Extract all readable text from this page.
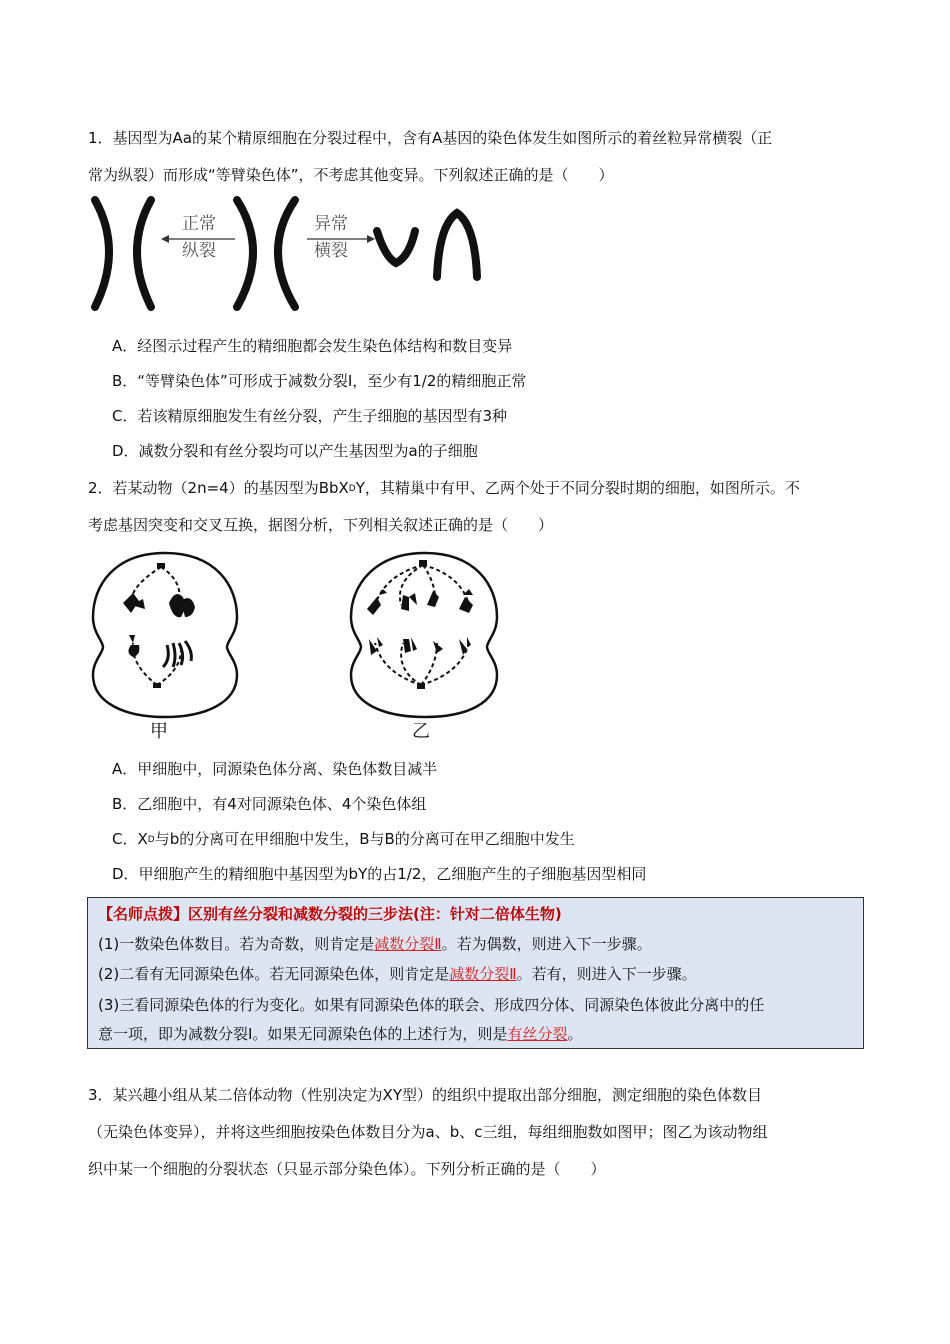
1．基因型为Aa的某个精原细胞在分裂过程中，含有A基因的染色体发生如图所示的着丝粒异常横裂（正
常为纵裂）而形成“等臂染色体”，不考虑其他变异。下列叙述正确的是（　　）
正常
纵裂
异常
横裂
A．经图示过程产生的精细胞都会发生染色体结构和数目变异
B．“等臂染色体”可形成于减数分裂Ⅰ，至少有1/2的精细胞正常
C．若该精原细胞发生有丝分裂，产生子细胞的基因型有3种
D．减数分裂和有丝分裂均可以产生基因型为a的子细胞
2．若某动物（2n=4）的基因型为BbX$^D$Y，其精巢中有甲、乙两个处于不同分裂时期的细胞，如图所示。不
考虑基因突变和交叉互换，据图分析，下列相关叙述正确的是（　　）
甲	乙
A．甲细胞中，同源染色体分离、染色体数目减半
B．乙细胞中，有4对同源染色体、4个染色体组
C．$X^D$与b的分离可在甲细胞中发生，B与B的分离可在甲乙细胞中发生
D．甲细胞产生的精细胞中基因型为bY的占1/2，乙细胞产生的子细胞基因型相同
【名师点拨】区别有丝分裂和减数分裂的三步法(注：针对二倍体生物)
(1)一数染色体数目。若为奇数，则肯定是减数分裂Ⅱ。若为偶数，则进入下一步骤。
(2)二看有无同源染色体。若无同源染色体，则肯定是减数分裂Ⅱ。若有，则进入下一步骤。
(3)三看同源染色体的行为变化。如果有同源染色体的联会、形成四分体、同源染色体彼此分离中的任
意一项，即为减数分裂Ⅰ。如果无同源染色体的上述行为，则是有丝分裂。
3．某兴趣小组从某二倍体动物（性别决定为XY型）的组织中提取出部分细胞，测定细胞的染色体数目
（无染色体变异），并将这些细胞按染色体数目分为a、b、c三组，每组细胞数如图甲；图乙为该动物组
织中某一个细胞的分裂状态（只显示部分染色体）。下列分析正确的是（　　）
